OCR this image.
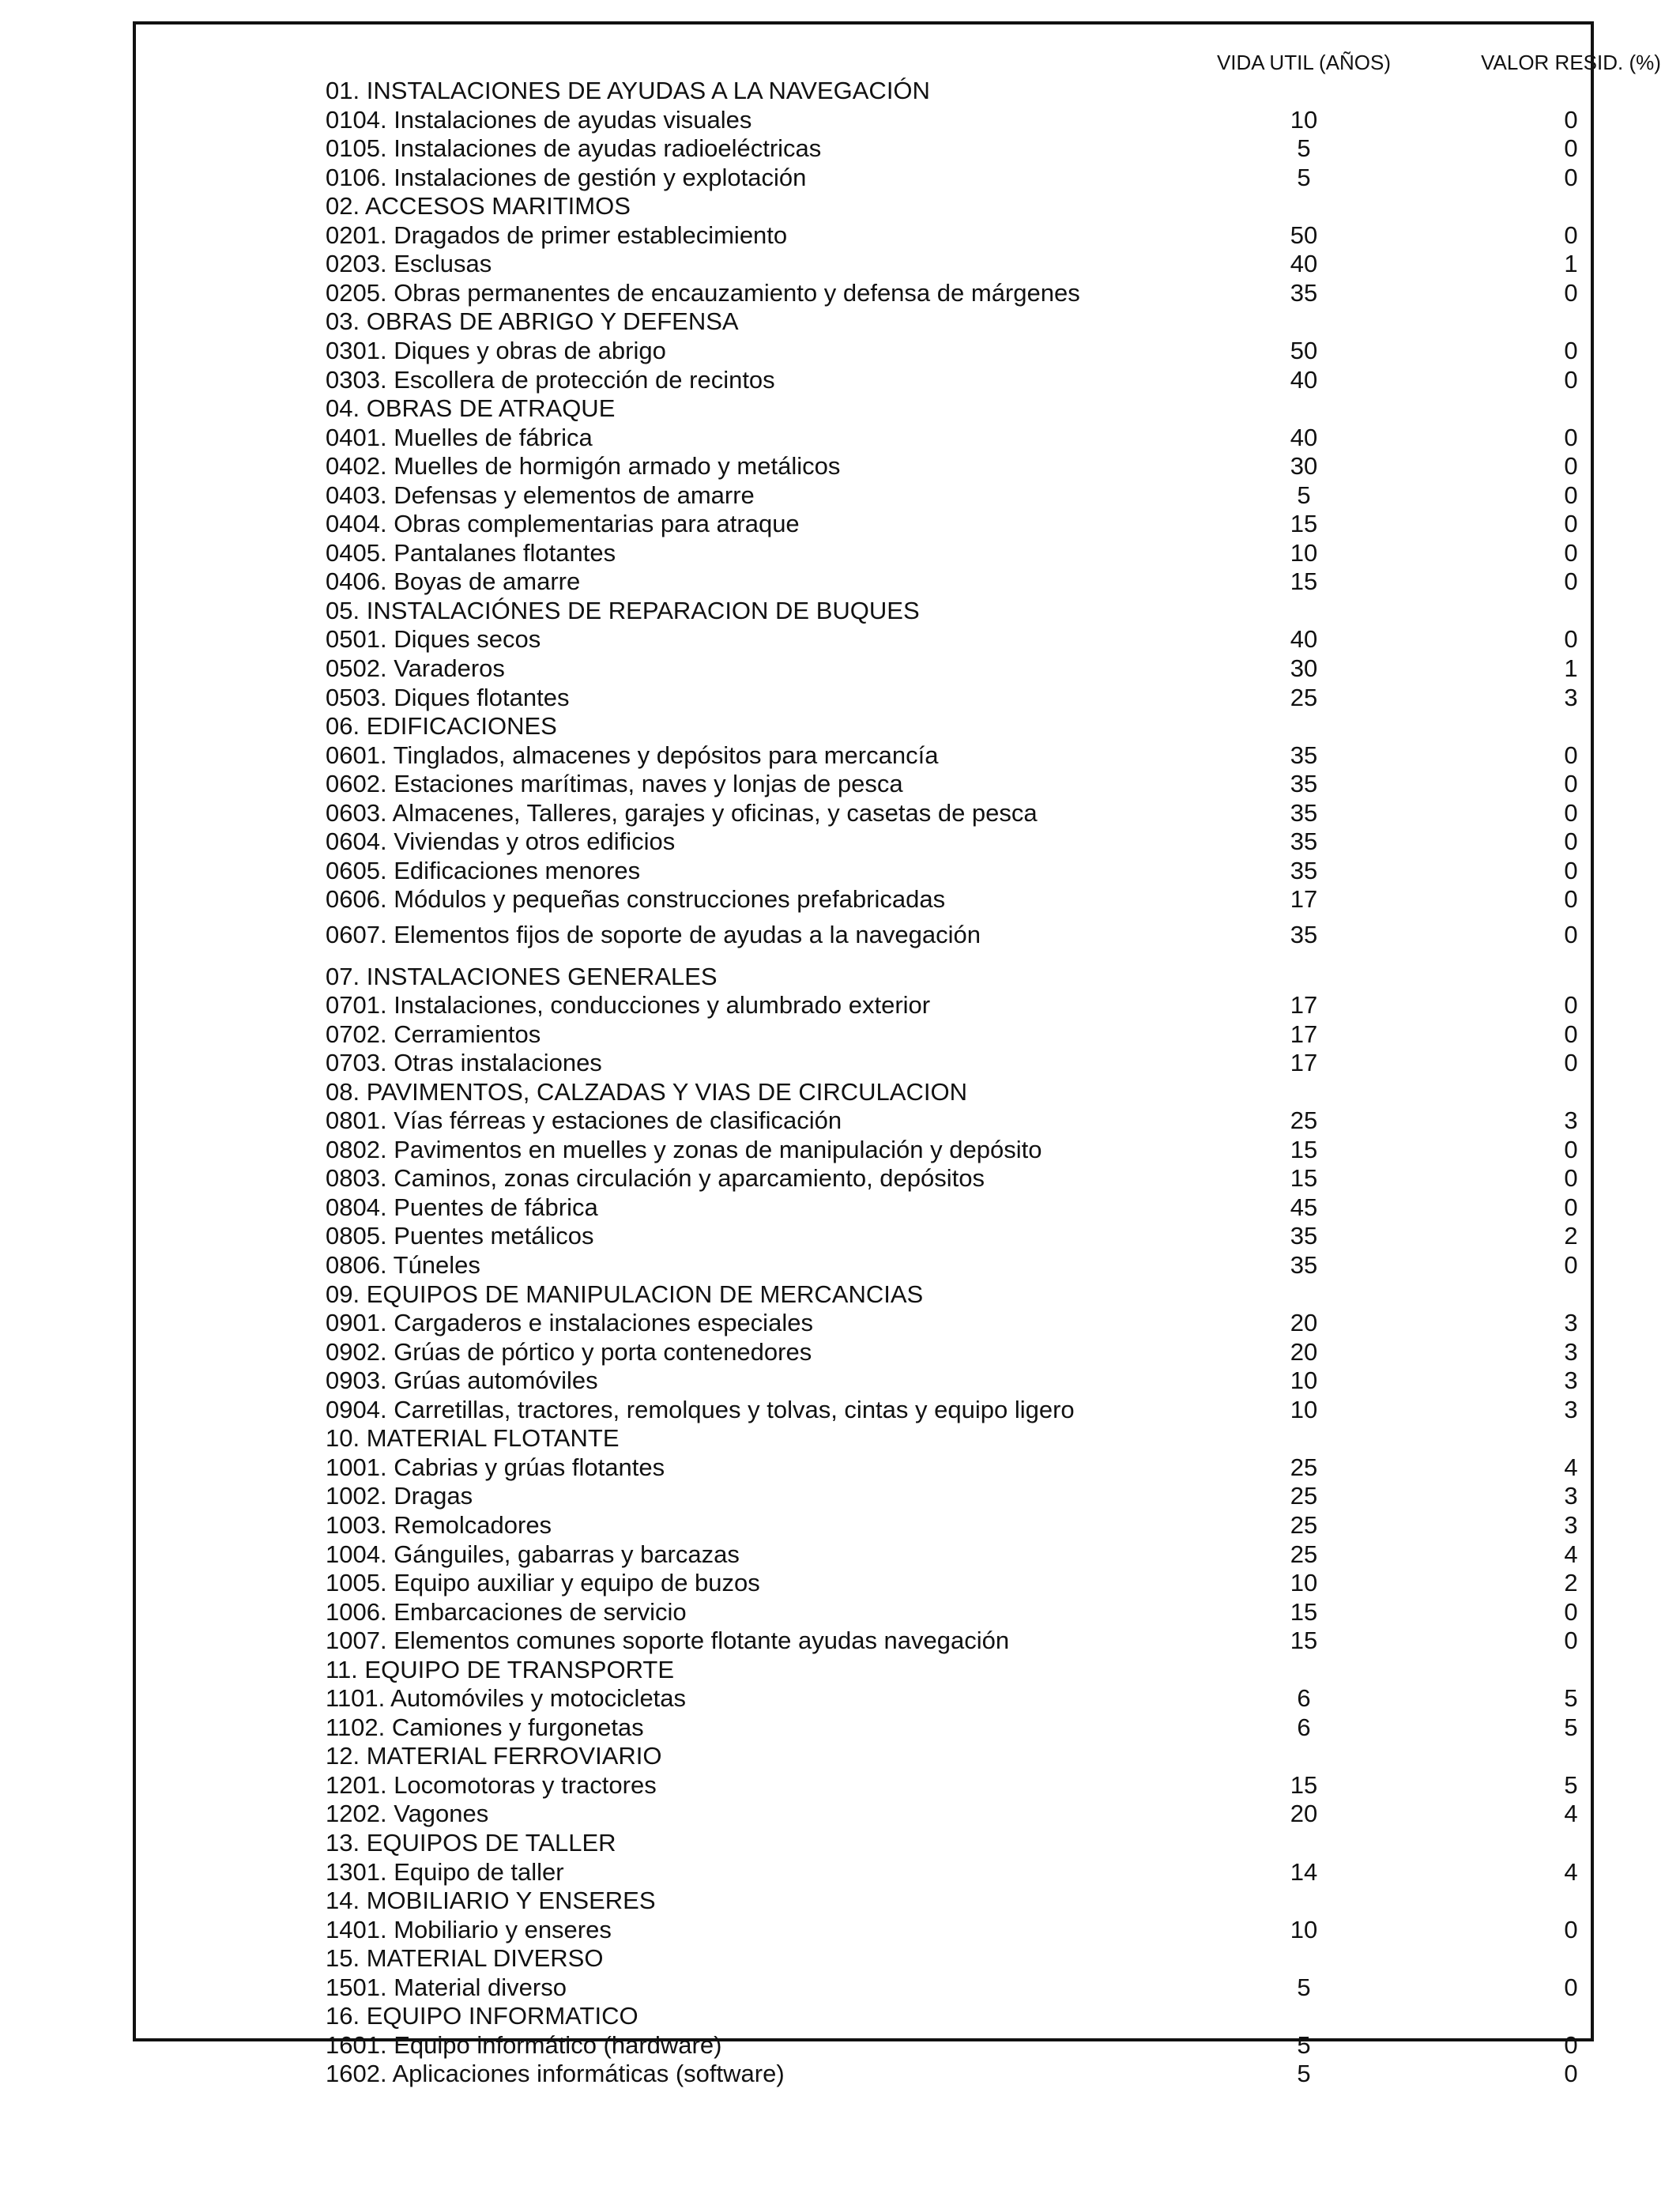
VIDA UTIL (AÑOS)	VALOR RESID. (%)
01. INSTALACIONES DE AYUDAS A LA NAVEGACIÓN
0104. Instalaciones de ayudas visuales	10	0
0105. Instalaciones de ayudas radioeléctricas	5	0
0106. Instalaciones de gestión y explotación	5	0
02. ACCESOS MARITIMOS
0201. Dragados de primer establecimiento	50	0
0203. Esclusas	40	1
0205. Obras permanentes de encauzamiento y defensa de márgenes	35	0
03. OBRAS DE ABRIGO Y DEFENSA
0301. Diques y obras de abrigo	50	0
0303. Escollera de protección de recintos	40	0
04. OBRAS DE ATRAQUE
0401. Muelles de fábrica	40	0
0402. Muelles de hormigón armado y metálicos	30	0
0403. Defensas y elementos de amarre	5	0
0404. Obras complementarias para atraque	15	0
0405. Pantalanes flotantes	10	0
0406. Boyas de amarre	15	0
05. INSTALACIÓNES DE REPARACION DE BUQUES
0501. Diques secos	40	0
0502. Varaderos	30	1
0503. Diques flotantes	25	3
06. EDIFICACIONES
0601. Tinglados, almacenes y depósitos para mercancía	35	0
0602. Estaciones marítimas, naves y lonjas de pesca	35	0
0603. Almacenes, Talleres, garajes y oficinas, y casetas de pesca	35	0
0604. Viviendas y otros edificios	35	0
0605. Edificaciones menores	35	0
0606. Módulos y pequeñas construcciones prefabricadas	17	0
0607. Elementos fijos de soporte de ayudas a la navegación	35	0
07. INSTALACIONES GENERALES
0701. Instalaciones, conducciones y alumbrado exterior	17	0
0702. Cerramientos	17	0
0703. Otras instalaciones	17	0
08. PAVIMENTOS, CALZADAS Y VIAS DE CIRCULACION
0801. Vías férreas y estaciones de clasificación	25	3
0802. Pavimentos en muelles y zonas de manipulación y depósito	15	0
0803. Caminos, zonas circulación y aparcamiento, depósitos	15	0
0804. Puentes de fábrica	45	0
0805. Puentes metálicos	35	2
0806. Túneles	35	0
09. EQUIPOS DE MANIPULACION DE MERCANCIAS
0901. Cargaderos e instalaciones especiales	20	3
0902. Grúas de pórtico y porta contenedores	20	3
0903. Grúas automóviles	10	3
0904. Carretillas, tractores, remolques y tolvas, cintas y equipo ligero	10	3
10. MATERIAL FLOTANTE
1001. Cabrias y grúas flotantes	25	4
1002. Dragas	25	3
1003. Remolcadores	25	3
1004. Gánguiles, gabarras y barcazas	25	4
1005. Equipo auxiliar y equipo de buzos	10	2
1006. Embarcaciones de servicio	15	0
1007. Elementos comunes soporte flotante ayudas navegación	15	0
11. EQUIPO DE TRANSPORTE
1101. Automóviles y motocicletas	6	5
1102. Camiones y furgonetas	6	5
12. MATERIAL FERROVIARIO
1201. Locomotoras y tractores	15	5
1202. Vagones	20	4
13. EQUIPOS DE TALLER
1301. Equipo de taller	14	4
14. MOBILIARIO Y ENSERES
1401. Mobiliario y enseres	10	0
15. MATERIAL DIVERSO
1501. Material diverso	5	0
16. EQUIPO INFORMATICO
1601. Equipo informático (hardware)	5	0
1602. Aplicaciones informáticas (software)	5	0
